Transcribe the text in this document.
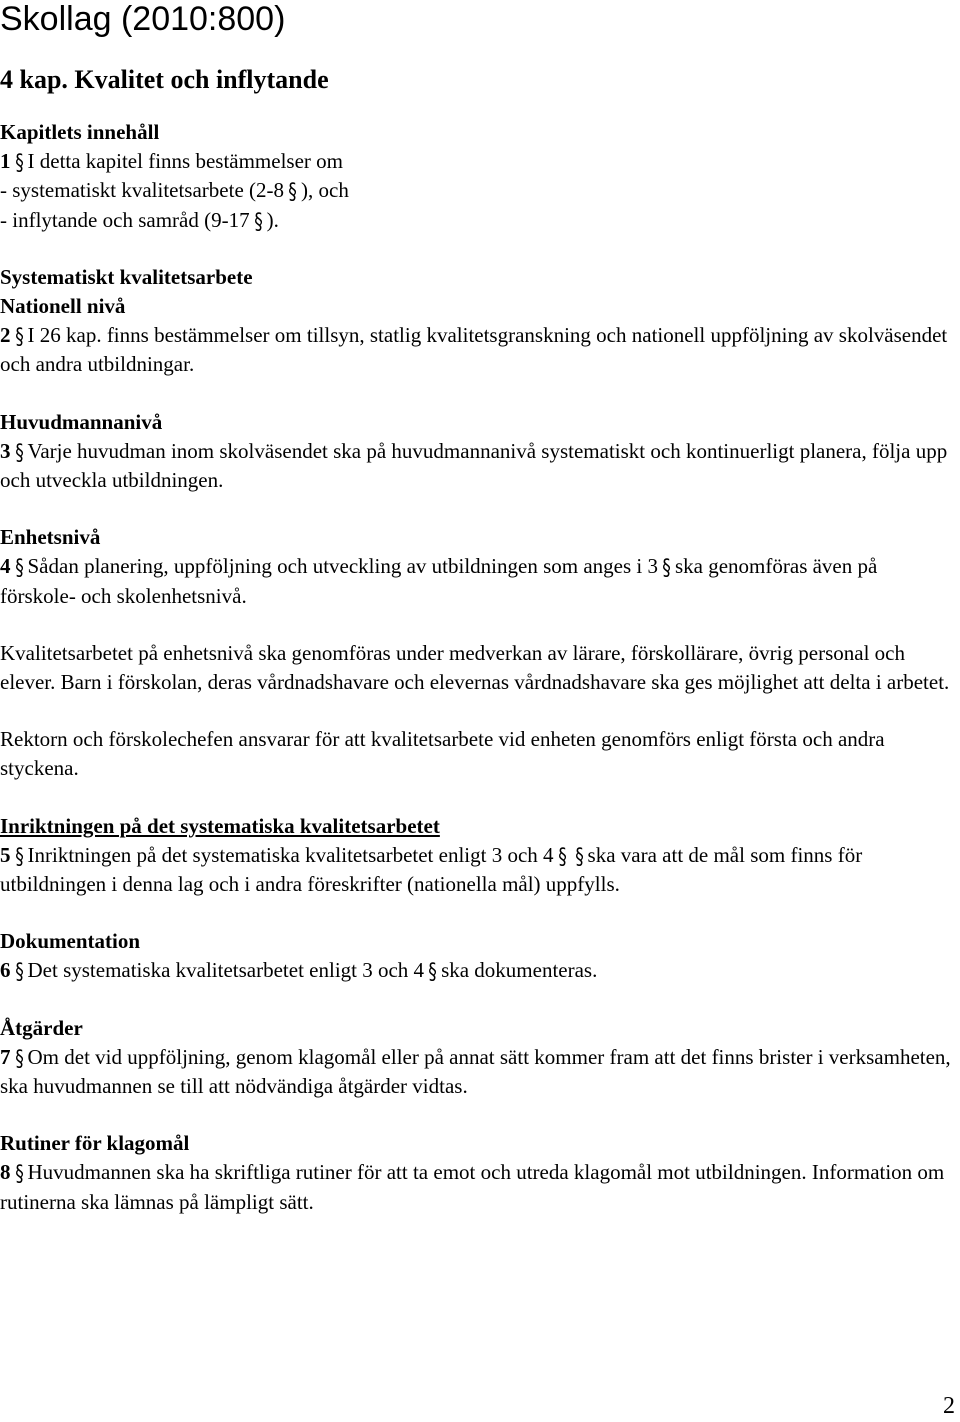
Skollag (2010:800)
4 kap. Kvalitet och inflytande

Kapitlets innehåll

1 § I detta kapitel finns bestämmelser om

- systematiskt kvalitetsarbete (2-8 § ), och

- inflytande och samråd (9-17 § ).

Systematiskt kvalitetsarbete

Nationell nivå

2 § I 26 kap. finns bestämmelser om tillsyn, statlig kvalitetsgranskning och nationell uppföljning av skolväsendet och andra utbildningar.

Huvudmannanivå

3 § Varje huvudman inom skolväsendet ska på huvudmannanivå systematiskt och kontinuerligt planera, följa upp och utveckla utbildningen.

Enhetsnivå

4 § Sådan planering, uppföljning och utveckling av utbildningen som anges i 3 § ska genomföras även på förskole- och skolenhetsnivå.

Kvalitetsarbetet på enhetsnivå ska genomföras under medverkan av lärare, förskollärare, övrig personal och elever. Barn i förskolan, deras vårdnadshavare och elevernas vårdnadshavare ska ges möjlighet att delta i arbetet.

Rektorn och förskolechefen ansvarar för att kvalitetsarbete vid enheten genomförs enligt första och andra styckena.

Inriktningen på det systematiska kvalitetsarbetet

5 § Inriktningen på det systematiska kvalitetsarbetet enligt 3 och 4 § § ska vara att de mål som finns för utbildningen i denna lag och i andra föreskrifter (nationella mål) uppfylls.

Dokumentation

6 § Det systematiska kvalitetsarbetet enligt 3 och 4 § ska dokumenteras.

Åtgärder

7 § Om det vid uppföljning, genom klagomål eller på annat sätt kommer fram att det finns brister i verksamheten, ska huvudmannen se till att nödvändiga åtgärder vidtas.

Rutiner för klagomål

8 § Huvudmannen ska ha skriftliga rutiner för att ta emot och utreda klagomål mot utbildningen. Information om rutinerna ska lämnas på lämpligt sätt.

2
